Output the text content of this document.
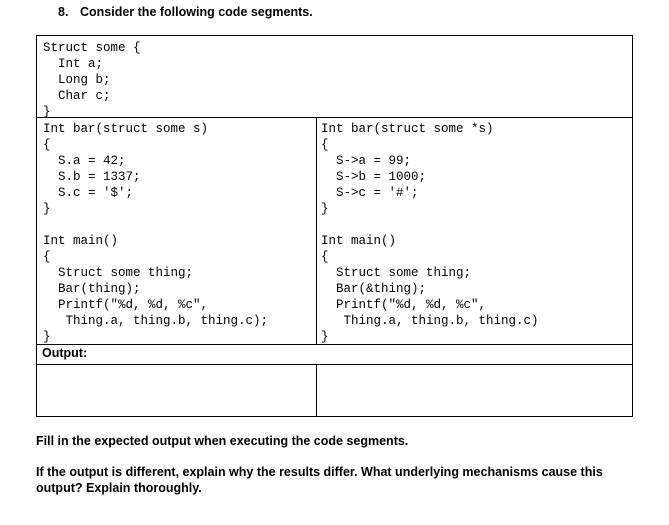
8. Consider the following code segments.
Struct some {
Int a;
Long b;
Char c;
}
Int bar(struct some s)
{
S.a = 42;
S.b = 1337;
S.c = '$';
}
Int main()
{
Struct some thing;
Bar(thing);
Printf("%d, %d, %c",
Thing.a, thing.b, thing.c);
}
Int bar(struct some *s)
{
S->a = 99;
S->b = 1000;
S->c = '#';
}
Int main()
{
Struct some thing;
Bar(&thing);
Printf("%d, %d, %c",
Thing.a, thing.b, thing.c)
}
Output:

Fill in the expected output when executing the code segments.

If the output is different, explain why the results differ. What underlying mechanisms cause this output? Explain thoroughly.
